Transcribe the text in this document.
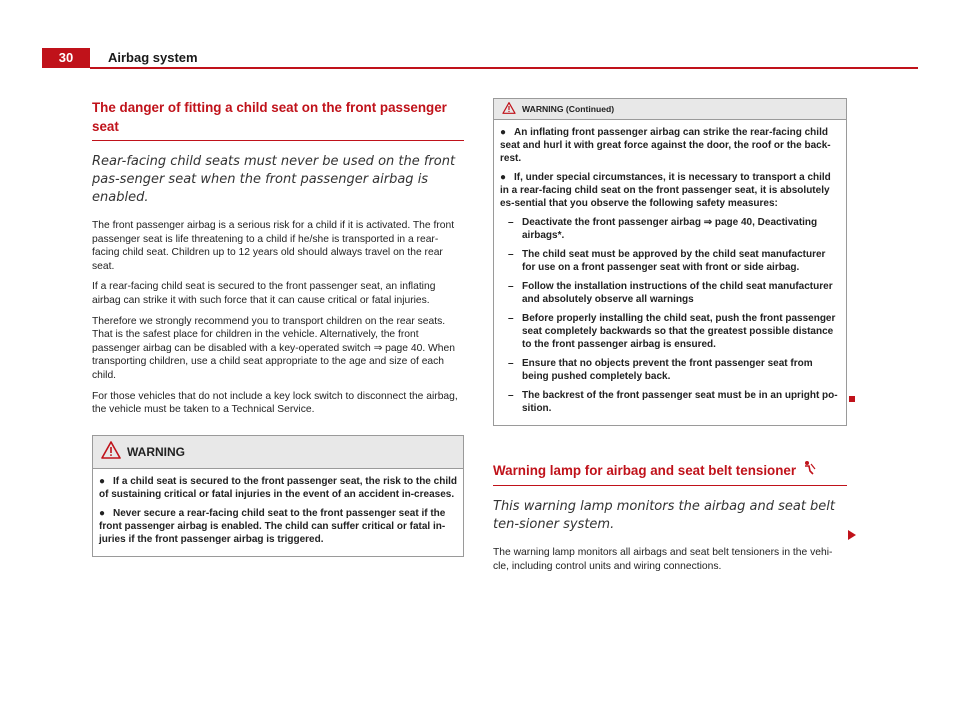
30	Airbag system
The danger of fitting a child seat on the front passenger seat

Rear-facing child seats must never be used on the front pas-senger seat when the front passenger airbag is enabled.

The front passenger airbag is a serious risk for a child if it is activated. The front passenger seat is life threatening to a child if he/she is transported in a rear-facing child seat. Children up to 12 years old should always travel on the rear seat.

If a rear-facing child seat is secured to the front passenger seat, an inflating airbag can strike it with such force that it can cause critical or fatal injuries.

Therefore we strongly recommend you to transport children on the rear seats. That is the safest place for children in the vehicle. Alternatively, the front passenger airbag can be disabled with a key-operated switch ⇒ page 40. When transporting children, use a child seat appropriate to the age and size of each child.

For those vehicles that do not include a key lock switch to disconnect the airbag, the vehicle must be taken to a Technical Service.

WARNING

● If a child seat is secured to the front passenger seat, the risk to the child of sustaining critical or fatal injuries in the event of an accident in-creases.

● Never secure a rear-facing child seat to the front passenger seat if the front passenger airbag is enabled. The child can suffer critical or fatal in-juries if the front passenger airbag is triggered.

WARNING (Continued)

● An inflating front passenger airbag can strike the rear-facing child seat and hurl it with great force against the door, the roof or the back-rest.

● If, under special circumstances, it is necessary to transport a child in a rear-facing child seat on the front passenger seat, it is absolutely es-sential that you observe the following safety measures:

– Deactivate the front passenger airbag ⇒ page 40, Deactivating airbags*.

– The child seat must be approved by the child seat manufacturer for use on a front passenger seat with front or side airbag.

– Follow the installation instructions of the child seat manufacturer and absolutely observe all warnings

– Before properly installing the child seat, push the front passenger seat completely backwards so that the greatest possible distance to the front passenger airbag is ensured.

– Ensure that no objects prevent the front passenger seat from being pushed completely back.

– The backrest of the front passenger seat must be in an upright po-sition.

Warning lamp for airbag and seat belt tensioner

This warning lamp monitors the airbag and seat belt ten-sioner system.

The warning lamp monitors all airbags and seat belt tensioners in the vehi-cle, including control units and wiring connections.
